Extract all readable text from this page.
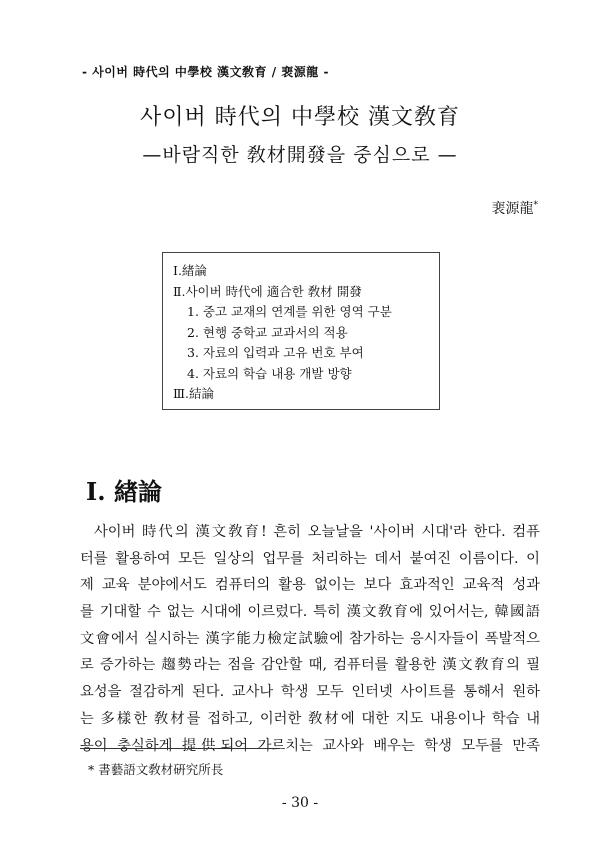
- 사이버 時代의 中學校 漢文敎育 / 裵源龍 -
사이버 時代의 中學校 漢文敎育
—바람직한 敎材開發을 중심으로 —
裵源龍*
Ⅰ.緖論
Ⅱ.사이버 時代에 適合한 敎材 開發
1. 중고 교재의 연계를 위한 영역 구분
2. 현행 중학교 교과서의 적용
3. 자료의 입력과 고유 번호 부여
4. 자료의 학습 내용 개발 방향
Ⅲ.結論
Ⅰ. 緖論
사이버 時代의 漢文敎育! 흔히 오늘날을 '사이버 시대'라 한다. 컴퓨
터를 활용하여 모든 일상의 업무를 처리하는 데서 붙여진 이름이다. 이
제 교육 분야에서도 컴퓨터의 활용 없이는 보다 효과적인 교육적 성과
를 기대할 수 없는 시대에 이르렀다. 특히 漢文敎育에 있어서는, 韓國語
文會에서 실시하는 漢字能力檢定試驗에 참가하는 응시자들이 폭발적으
로 증가하는 趨勢라는 점을 감안할 때, 컴퓨터를 활용한 漢文敎育의 필
요성을 절감하게 된다. 교사나 학생 모두 인터넷 사이트를 통해서 원하
는 多樣한 敎材를 접하고, 이러한 敎材에 대한 지도 내용이나 학습 내
용이 충실하게 提供되어 가르치는 교사와 배우는 학생 모두를 만족
* 書藝語文敎材硏究所長
- 30 -
